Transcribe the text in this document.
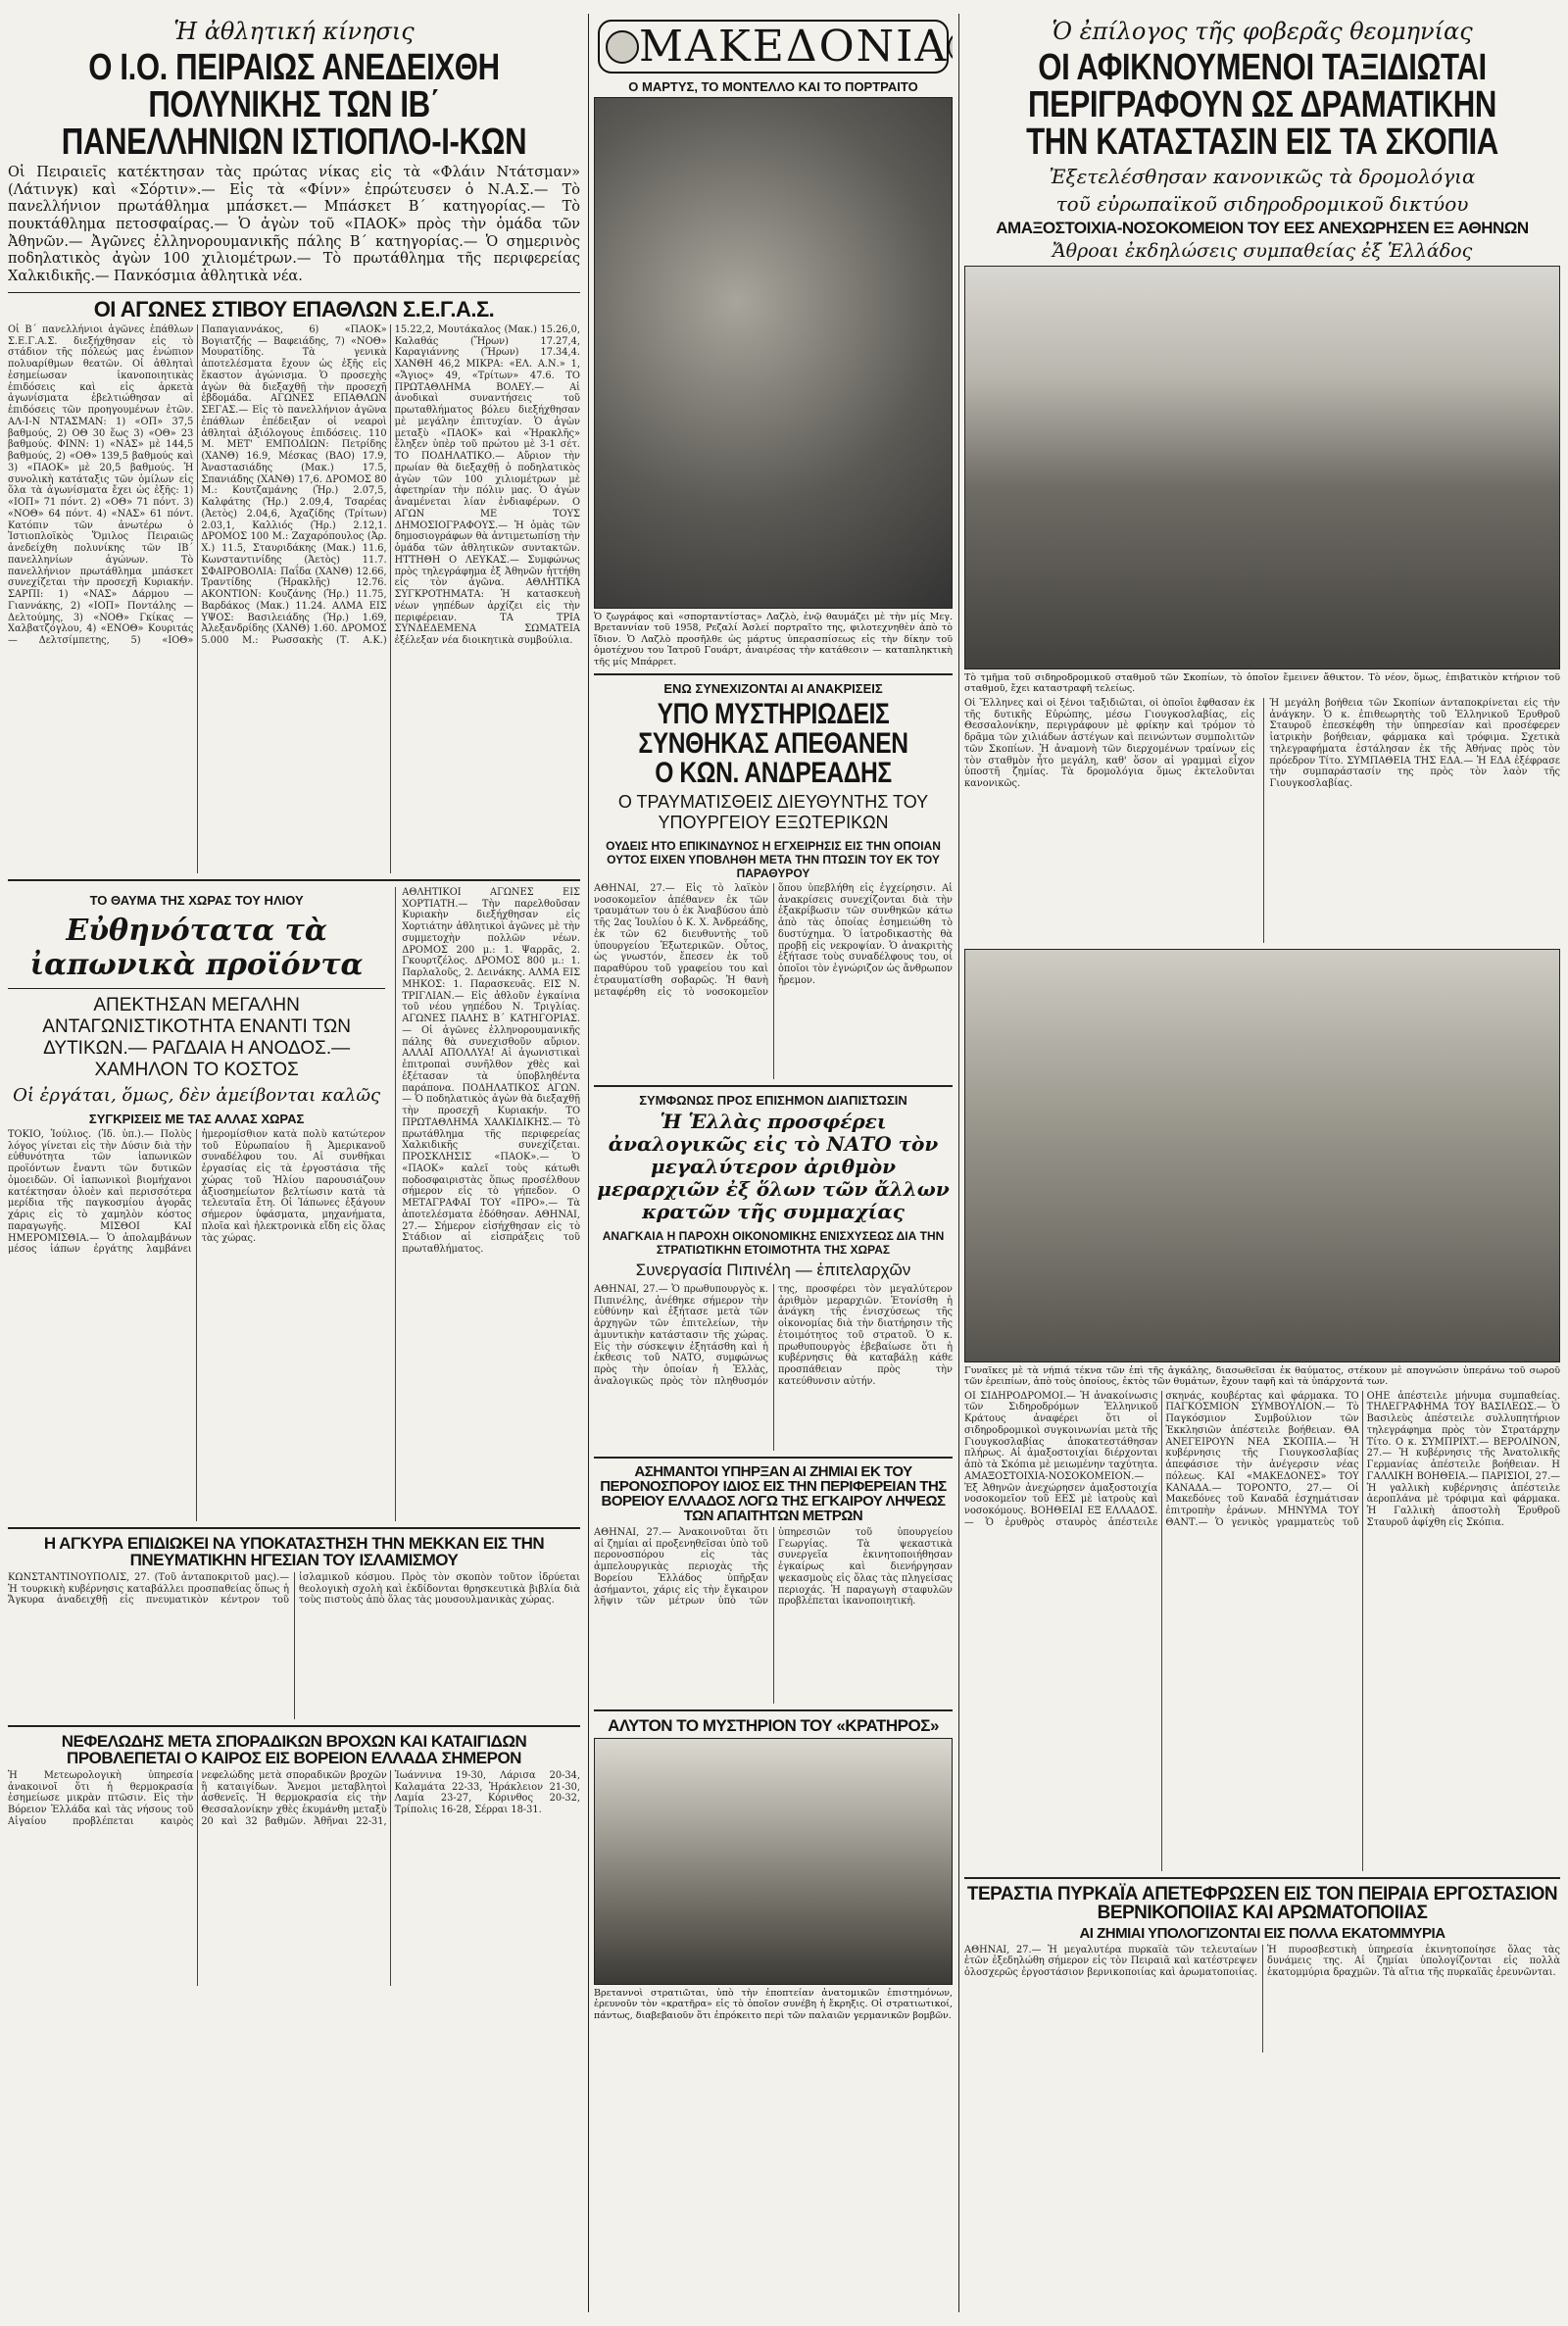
Ἡ ἀθλητική κίνησις
Ο Ι.Ο. ΠΕΙΡΑΙΩΣ ΑΝΕΔΕΙΧΘΗ ΠΟΛΥΝΙΚΗΣ ΤΩΝ ΙΒ΄ ΠΑΝΕΛΛΗΝΙΩΝ ΙΣΤΙΟΠΛΟ-Ι-ΚΩΝ
Οἱ Πειραιεῖς κατέκτησαν τὰς πρώτας νίκας εἰς τὰ «Φλάιν Ντάτσμαν» (Λάτινγκ) καὶ «Σόρτιν».— Εἰς τὰ «Φίνν» ἐπρώτευσεν ὁ Ν.Α.Σ.— Τὸ πανελλήνιον πρωτάθλημα μπάσκετ.— Μπάσκετ Β΄ κατηγορίας.— Τὸ πουκτάθλημα πετοσφαίρας.— Ὁ ἀγὼν τοῦ «ΠΑΟΚ» πρὸς τὴν ὁμάδα τῶν Ἀθηνῶν.— Ἀγῶνες ἐλληνορουμανικῆς πάλης Β΄ κατηγορίας.— Ὁ σημερινὸς ποδηλατικὸς ἀγὼν 100 χιλιομέτρων.— Τὸ πρωτάθλημα τῆς περιφερείας Χαλκιδικῆς.— Πανκόσμια ἀθλητικὰ νέα.
ΟΙ ΑΓΩΝΕΣ ΣΤΙΒΟΥ ΕΠΑΘΛΩΝ Σ.Ε.Γ.Α.Σ.
Οἱ Β΄ πανελλήνιοι ἀγῶνες ἐπάθλων Σ.Ε.Γ.Α.Σ. διεξήχθησαν εἰς τὸ στάδιον τῆς πόλεώς μας ἐνώπιον πολυαρίθμων θεατῶν. Οἱ ἀθληταὶ ἐσημείωσαν ἱκανοποιητικὰς ἐπιδόσεις καὶ εἰς ἀρκετὰ ἀγωνίσματα ἐβελτιώθησαν αἱ ἐπιδόσεις τῶν προηγουμένων ἐτῶν. ΑΛ-Ι-Ν ΝΤΑΣΜΑΝ: 1) «ΟΠ» 37,5 βαθμούς, 2) ΟΘ 30 ἕως 3) «ΟΘ» 23 βαθμούς. ΦΙΝΝ: 1) «ΝΑΣ» μὲ 144,5 βαθμούς, 2) «ΟΘ» 139,5 βαθμούς καὶ 3) «ΠΑΟΚ» μὲ 20,5 βαθμούς. Ἡ συνολικὴ κατάταξις τῶν ὁμίλων εἰς ὅλα τὰ ἀγωνίσματα ἔχει ὡς ἑξῆς: 1) «ΙΟΠ» 71 πόντ. 2) «ΟΘ» 71 πόντ. 3) «ΝΟΘ» 64 πόντ. 4) «ΝΑΣ» 61 πόντ. Κατόπιν τῶν ἀνωτέρω ὁ Ἰστιοπλοϊκὸς Ὅμιλος Πειραιῶς ἀνεδείχθη πολυνίκης τῶν ΙΒ΄ πανελληνίων ἀγώνων. Τὸ πανελλήνιον πρωτάθλημα μπάσκετ συνεχίζεται τὴν προσεχῆ Κυριακήν. ΣΑΡΠΙ: 1) «ΝΑΣ» Δάρμου — Γιαννάκης, 2) «ΙΟΠ» Ποντάλης — Δελτούμης, 3) «ΝΟΘ» Γκίκας — Χαλβατζόγλου, 4) «ΕΝΟΘ» Κουριτάς — Δελτσίμπετης, 5) «ΙΟΘ» Παπαγιαννάκος, 6) «ΠΑΟΚ» Βογιατζής — Βαφειάδης, 7) «ΝΟΘ» Μουρατίδης. Τὰ γενικὰ ἀποτελέσματα ἔχουν ὡς ἑξῆς εἰς ἕκαστον ἀγώνισμα. Ὁ προσεχὴς ἀγὼν θὰ διεξαχθῇ τὴν προσεχῆ ἑβδομάδα. ΑΓΩΝΕΣ ΕΠΑΘΛΩΝ ΣΕΓΑΣ.— Εἰς τὸ πανελλήνιον ἀγῶνα ἐπάθλων ἐπέδειξαν οἱ νεαροὶ ἀθληταὶ ἀξιόλογους ἐπιδόσεις. 110 Μ. ΜΕΤ' ΕΜΠΟΔΙΩΝ: Πετρίδης (ΧΑΝΘ) 16.9, Μέσκας (ΒΑΟ) 17.9, Ἀναστασιάδης (Μακ.) 17.5, Σπανιάδης (ΧΑΝΘ) 17,6. ΔΡΟΜΟΣ 80 Μ.: Κουτζαμάνης (Ἡρ.) 2.07,5, Καλφάτης (Ἡρ.) 2.09,4, Τσαρέας (Ἀετὸς) 2.04,6, Ἀχαζίδης (Τρίτων) 2.03,1, Καλλιός (Ἡρ.) 2.12,1. ΔΡΟΜΟΣ 100 Μ.: Ζαχαρόπουλος (Ἀρ. Χ.) 11.5, Σταυριδάκης (Μακ.) 11.6, Κωνσταντινίδης (Ἀετὸς) 11.7. ΣΦΑΙΡΟΒΟΛΙΑ: Παΐδα (ΧΑΝΘ) 12.66, Τραντίδης (Ἡρακλῆς) 12.76. ΑΚΟΝΤΙΟΝ: Κουζάνης (Ἡρ.) 11.75, Βαρδάκος (Μακ.) 11.24. ΑΛΜΑ ΕΙΣ ΥΨΟΣ: Βασιλειάδης (Ἡρ.) 1.69, Ἀλεξανδρίδης (ΧΑΝΘ) 1.60. ΔΡΟΜΟΣ 5.000 Μ.: Ρωσσακὴς (Τ. Α.Κ.) 15.22,2, Μουτάκαλος (Μακ.) 15.26,0, Καλαθάς (Ἥρων) 17.27,4, Καραγιάννης (Ἥρων) 17.34,4. ΧΑΝΘΗ 46,2 ΜΙΚΡΑ: «ΕΛ. Α.Ν.» 1, «Ἄγιος» 49, «Τρίτων» 47.6. ΤΟ ΠΡΩΤΑΘΛΗΜΑ ΒΟΛΕΥ.— Αἱ ἀνοδικαὶ συναντήσεις τοῦ πρωταθλήματος βόλευ διεξήχθησαν μὲ μεγάλην ἐπιτυχίαν. Ὁ ἀγὼν μεταξὺ «ΠΑΟΚ» καὶ «Ἠρακλῆς» ἔληξεν ὑπὲρ τοῦ πρώτου μὲ 3-1 σέτ. ΤΟ ΠΟΔΗΛΑΤΙΚΟ.— Αὔριον τὴν πρωίαν θὰ διεξαχθῇ ὁ ποδηλατικὸς ἀγὼν τῶν 100 χιλιομέτρων μὲ ἀφετηρίαν τὴν πόλιν μας. Ὁ ἀγὼν ἀναμένεται λίαν ἐνδιαφέρων. Ο ΑΓΩΝ ΜΕ ΤΟΥΣ ΔΗΜΟΣΙΟΓΡΑΦΟΥΣ.— Ἡ ὁμὰς τῶν δημοσιογράφων θὰ ἀντιμετωπίσῃ τὴν ὁμάδα τῶν ἀθλητικῶν συντακτῶν. ΗΤΤΗΘΗ Ο ΛΕΥΚΑΣ.— Συμφώνως πρὸς τηλεγράφημα ἐξ Ἀθηνῶν ἡττήθη εἰς τὸν ἀγῶνα. ΑΘΛΗΤΙΚΑ ΣΥΓΚΡΟΤΗΜΑΤΑ: Ἡ κατασκευὴ νέων γηπέδων ἀρχίζει εἰς τὴν περιφέρειαν. ΤΑ ΤΡΙΑ ΣΥΝΔΕΔΕΜΕΝΑ ΣΩΜΑΤΕΙΑ ἐξέλεξαν νέα διοικητικὰ συμβούλια.
ΤΟ ΘΑΥΜΑ ΤΗΣ ΧΩΡΑΣ ΤΟΥ ΗΛΙΟΥ
Εὐθηνότατα τὰ ἰαπωνικὰ προϊόντα
ΑΠΕΚΤΗΣΑΝ ΜΕΓΑΛΗΝ ΑΝΤΑΓΩΝΙΣΤΙΚΟΤΗΤΑ ΕΝΑΝΤΙ ΤΩΝ ΔΥΤΙΚΩΝ.— ΡΑΓΔΑΙΑ Η ΑΝΟΔΟΣ.— ΧΑΜΗΛΟΝ ΤΟ ΚΟΣΤΟΣ
Οἱ ἐργάται, ὅμως, δὲν ἀμείβονται καλῶς
ΣΥΓΚΡΙΣΕΙΣ ΜΕ ΤΑΣ ΑΛΛΑΣ ΧΩΡΑΣ
ΤΟΚΙΟ, Ἰούλιος. (Ἰδ. ὑπ.).— Πολὺς λόγος γίνεται εἰς τὴν Δύσιν διὰ τὴν εὐθυνότητα τῶν ἰαπωνικῶν προϊόντων ἔναντι τῶν δυτικῶν ὁμοειδῶν. Οἱ ἰαπωνικοὶ βιομήχανοι κατέκτησαν ὁλοὲν καὶ περισσότερα μερίδια τῆς παγκοσμίου ἀγορᾶς χάρις εἰς τὸ χαμηλὸν κόστος παραγωγῆς. ΜΙΣΘΟΙ ΚΑΙ ΗΜΕΡΟΜΙΣΘΙΑ.— Ὁ ἀπολαμβάνων μέσος ἰάπων ἐργάτης λαμβάνει ἡμερομίσθιον κατὰ πολὺ κατώτερον τοῦ Εὐρωπαίου ἢ Ἀμερικανοῦ συναδέλφου του. Αἱ συνθῆκαι ἐργασίας εἰς τὰ ἐργοστάσια τῆς χώρας τοῦ Ἡλίου παρουσιάζουν ἀξιοσημείωτον βελτίωσιν κατὰ τὰ τελευταῖα ἔτη. Οἱ Ἰάπωνες ἐξάγουν σήμερον ὑφάσματα, μηχανήματα, πλοῖα καὶ ἠλεκτρονικὰ εἴδη εἰς ὅλας τὰς χώρας.
ΑΘΛΗΤΙΚΟΙ ΑΓΩΝΕΣ ΕΙΣ ΧΟΡΤΙΑΤΗ.— Τὴν παρελθοῦσαν Κυριακὴν διεξήχθησαν εἰς Χορτιάτην ἀθλητικοὶ ἀγῶνες μὲ τὴν συμμετοχὴν πολλῶν νέων. ΔΡΟΜΟΣ 200 μ.: 1. Ψαρρᾶς, 2. Γκουρτζέλος. ΔΡΟΜΟΣ 800 μ.: 1. Παρλαλοῦς, 2. Δεινάκης. ΑΛΜΑ ΕΙΣ ΜΗΚΟΣ: 1. Παρασκευᾶς. ΕΙΣ Ν. ΤΡΙΓΛΙΑΝ.— Εἰς ἀθλοῦν ἐγκαίνια τοῦ νέου γηπέδου Ν. Τριγλίας. ΑΓΩΝΕΣ ΠΑΛΗΣ Β΄ ΚΑΤΗΓΟΡΙΑΣ.— Οἱ ἀγῶνες ἐλληνορουμανικῆς πάλης θὰ συνεχισθοῦν αὔριον. ΑΛΛΑΙ ΑΠΟΛΛΥΑ! Αἱ ἀγωνιστικαὶ ἐπιτροπαὶ συνῆλθον χθὲς καὶ ἐξέτασαν τὰ ὑποβληθέντα παράπονα. ΠΟΔΗΛΑΤΙΚΟΣ ΑΓΩΝ.— Ὁ ποδηλατικὸς ἀγὼν θὰ διεξαχθῇ τὴν προσεχῆ Κυριακήν. ΤΟ ΠΡΩΤΑΘΛΗΜΑ ΧΑΛΚΙΔΙΚΗΣ.— Τὸ πρωτάθλημα τῆς περιφερείας Χαλκιδικῆς συνεχίζεται. ΠΡΟΣΚΛΗΣΙΣ «ΠΑΟΚ».— Ὁ «ΠΑΟΚ» καλεῖ τοὺς κάτωθι ποδοσφαιριστὰς ὅπως προσέλθουν σήμερον εἰς τὸ γήπεδον. Ο ΜΕΤΑΓΡΑΦΑΙ ΤΟΥ «ΠΡΟ».— Τὰ ἀποτελέσματα ἐδόθησαν. ΑΘΗΝΑΙ, 27.— Σήμερον εἰσήχθησαν εἰς τὸ Στάδιον αἱ εἰσπράξεις τοῦ πρωταθλήματος.
Η ΑΓΚΥΡΑ ΕΠΙΔΙΩΚΕΙ ΝΑ ΥΠΟΚΑΤΑΣΤΗΣΗ ΤΗΝ ΜΕΚΚΑΝ ΕΙΣ ΤΗΝ ΠΝΕΥΜΑΤΙΚΗΝ ΗΓΕΣΙΑΝ ΤΟΥ ΙΣΛΑΜΙΣΜΟΥ
ΚΩΝΣΤΑΝΤΙΝΟΥΠΟΛΙΣ, 27. (Τοῦ ἀνταποκριτοῦ μας).— Ἡ τουρκικὴ κυβέρνησις καταβάλλει προσπαθείας ὅπως ἡ Ἄγκυρα ἀναδειχθῇ εἰς πνευματικὸν κέντρον τοῦ ἰσλαμικοῦ κόσμου. Πρὸς τὸν σκοπὸν τοῦτον ἱδρύεται θεολογικὴ σχολὴ καὶ ἐκδίδονται θρησκευτικὰ βιβλία διὰ τοὺς πιστοὺς ἀπὸ ὅλας τὰς μουσουλμανικὰς χώρας.
ΝΕΦΕΛΩΔΗΣ ΜΕΤΑ ΣΠΟΡΑΔΙΚΩΝ ΒΡΟΧΩΝ ΚΑΙ ΚΑΤΑΙΓΙΔΩΝ ΠΡΟΒΛΕΠΕΤΑΙ Ο ΚΑΙΡΟΣ ΕΙΣ ΒΟΡΕΙΟΝ ΕΛΛΑΔΑ ΣΗΜΕΡΟΝ
Ἡ Μετεωρολογικὴ ὑπηρεσία ἀνακοινοῖ ὅτι ἡ θερμοκρασία ἐσημείωσε μικρὰν πτῶσιν. Εἰς τὴν Βόρειον Ἑλλάδα καὶ τὰς νήσους τοῦ Αἰγαίου προβλέπεται καιρὸς νεφελώδης μετὰ σποραδικῶν βροχῶν ἢ καταιγίδων. Ἄνεμοι μεταβλητοὶ ἀσθενεῖς. Ἡ θερμοκρασία εἰς τὴν Θεσσαλονίκην χθὲς ἐκυμάνθη μεταξὺ 20 καὶ 32 βαθμῶν. Ἀθῆναι 22-31, Ἰωάννινα 19-30, Λάρισα 20-34, Καλαμάτα 22-33, Ἡράκλειον 21-30, Λαμία 23-27, Κόρινθος 20-32, Τρίπολις 16-28, Σέρραι 18-31.
ΜΑΚΕΔΟΝΙΑ
Ο ΜΑΡΤΥΣ, ΤΟ ΜΟΝΤΕΛΛΟ ΚΑΙ ΤΟ ΠΟΡΤΡΑΙΤΟ
Ὁ ζωγράφος καὶ «σπορταντίστας» Λαζλὸ, ἐνῷ θαυμάζει μὲ τὴν μίς Μεγ. Βρεταννίαν τοῦ 1958, Ρεζαλί Ἀσλεί πορτραῖτο της, φιλοτεχνηθὲν ἀπὸ τὸ ἴδιον. Ὁ Λαζλὸ προσῆλθε ὡς μάρτυς ὑπερασπίσεως εἰς τὴν δίκην τοῦ ὁμοτέχνου του Ἰατροῦ Γουάρτ, ἀναιρέσας τὴν κατάθεσιν — καταπληκτικὴ τῆς μίς Μπάρρετ.
ΕΝΩ ΣΥΝΕΧΙΖΟΝΤΑΙ ΑΙ ΑΝΑΚΡΙΣΕΙΣ
ΥΠΟ ΜΥΣΤΗΡΙΩΔΕΙΣ ΣΥΝΘΗΚΑΣ ΑΠΕΘΑΝΕΝ Ο ΚΩΝ. ΑΝΔΡΕΑΔΗΣ
Ο ΤΡΑΥΜΑΤΙΣΘΕΙΣ ΔΙΕΥΘΥΝΤΗΣ ΤΟΥ ΥΠΟΥΡΓΕΙΟΥ ΕΞΩΤΕΡΙΚΩΝ
ΟΥΔΕΙΣ ΗΤΟ ΕΠΙΚΙΝΔΥΝΟΣ Η ΕΓΧΕΙΡΗΣΙΣ ΕΙΣ ΤΗΝ ΟΠΟΙΑΝ ΟΥΤΟΣ ΕΙΧΕΝ ΥΠΟΒΛΗΘΗ ΜΕΤΑ ΤΗΝ ΠΤΩΣΙΝ ΤΟΥ ΕΚ ΤΟΥ ΠΑΡΑΘΥΡΟΥ
ΑΘΗΝΑΙ, 27.— Εἰς τὸ λαϊκὸν νοσοκομεῖον ἀπέθανεν ἐκ τῶν τραυμάτων του ὁ ἐκ Ἀναβύσου ἀπὸ τῆς 2ας Ἰουλίου ὁ Κ. Χ. Ἀνδρεάδης, ἐκ τῶν 62 διευθυντὴς τοῦ ὑπουργείου Ἐξωτερικῶν. Οὗτος, ὡς γνωστόν, ἔπεσεν ἐκ τοῦ παραθύρου τοῦ γραφείου του καὶ ἐτραυματίσθη σοβαρῶς. Ἡ θανὴ μεταφέρθη εἰς τὸ νοσοκομεῖον ὅπου ὑπεβλήθη εἰς ἐγχείρησιν. Αἱ ἀνακρίσεις συνεχίζονται διὰ τὴν ἐξακρίβωσιν τῶν συνθηκῶν κάτω ἀπὸ τὰς ὁποίας ἐσημειώθη τὸ δυστύχημα. Ὁ ἰατροδικαστὴς θὰ προβῇ εἰς νεκροψίαν. Ὁ ἀνακριτὴς ἐξήτασε τοὺς συναδέλφους του, οἱ ὁποῖοι τὸν ἐγνώριζον ὡς ἄνθρωπον ἤρεμον.
ΣΥΜΦΩΝΩΣ ΠΡΟΣ ΕΠΙΣΗΜΟΝ ΔΙΑΠΙΣΤΩΣΙΝ
Ἡ Ἑλλὰς προσφέρει ἀναλογικῶς εἰς τὸ ΝΑΤΟ τὸν μεγαλύτερον ἀριθμὸν μεραρχιῶν ἐξ ὅλων τῶν ἄλλων κρατῶν τῆς συμμαχίας
ΑΝΑΓΚΑΙΑ Η ΠΑΡΟΧΗ ΟΙΚΟΝΟΜΙΚΗΣ ΕΝΙΣΧΥΣΕΩΣ ΔΙΑ ΤΗΝ ΣΤΡΑΤΙΩΤΙΚΗΝ ΕΤΟΙΜΟΤΗΤΑ ΤΗΣ ΧΩΡΑΣ
Συνεργασία Πιπινέλη — ἐπιτελαρχῶν
ΑΘΗΝΑΙ, 27.— Ὁ πρωθυπουργὸς κ. Πιπινέλης, ἀνέθηκε σήμερον τὴν εὐθύνην καὶ ἐξήτασε μετὰ τῶν ἀρχηγῶν τῶν ἐπιτελείων, τὴν ἀμυντικὴν κατάστασιν τῆς χώρας. Εἰς τὴν σύσκεψιν ἐξητάσθη καὶ ἡ ἐκθεσις τοῦ ΝΑΤΟ, συμφώνως πρὸς τὴν ὁποίαν ἡ Ἑλλὰς, ἀναλογικῶς πρὸς τὸν πληθυσμόν της, προσφέρει τὸν μεγαλύτερον ἀριθμὸν μεραρχιῶν. Ἐτονίσθη ἡ ἀνάγκη τῆς ἐνισχύσεως τῆς οἰκονομίας διὰ τὴν διατήρησιν τῆς ἑτοιμότητος τοῦ στρατοῦ. Ὁ κ. πρωθυπουργὸς ἐβεβαίωσε ὅτι ἡ κυβέρνησις θὰ καταβάλῃ κάθε προσπάθειαν πρὸς τὴν κατεύθυνσιν αὐτήν.
ΑΣΗΜΑΝΤΟΙ ΥΠΗΡΞΑΝ ΑΙ ΖΗΜΙΑΙ ΕΚ ΤΟΥ ΠΕΡΟΝΟΣΠΟΡΟΥ ΙΔΙΟΣ ΕΙΣ ΤΗΝ ΠΕΡΙΦΕΡΕΙΑΝ ΤΗΣ ΒΟΡΕΙΟΥ ΕΛΛΑΔΟΣ ΛΟΓΩ ΤΗΣ ΕΓΚΑΙΡΟΥ ΛΗΨΕΩΣ ΤΩΝ ΑΠΑΙΤΗΤΩΝ ΜΕΤΡΩΝ
ΑΘΗΝΑΙ, 27.— Ἀνακοινοῦται ὅτι αἱ ζημίαι αἱ προξενηθεῖσαι ὑπὸ τοῦ περονοσπόρου εἰς τὰς ἀμπελουργικὰς περιοχὰς τῆς Βορείου Ἑλλάδος ὑπῆρξαν ἀσήμαντοι, χάρις εἰς τὴν ἔγκαιρον λῆψιν τῶν μέτρων ὑπὸ τῶν ὑπηρεσιῶν τοῦ ὑπουργείου Γεωργίας. Τὰ ψεκαστικὰ συνεργεῖα ἐκινητοποιήθησαν ἐγκαίρως καὶ διενήργησαν ψεκασμοὺς εἰς ὅλας τὰς πληγείσας περιοχάς. Ἡ παραγωγὴ σταφυλῶν προβλέπεται ἱκανοποιητική.
ΑΛΥΤΟΝ ΤΟ ΜΥΣΤΗΡΙΟΝ ΤΟΥ «ΚΡΑΤΗΡΟΣ»
Βρεταννοὶ στρατιῶται, ὑπὸ τὴν ἐποπτείαν ἀνατομικῶν ἐπιστημόνων, ἐρευνοῦν τὸν «κρατῆρα» εἰς τὸ ὁποῖον συνέβη ἡ ἔκρηξις. Οἱ στρατιωτικοί, πάντως, διαβεβαιοῦν ὅτι ἐπρόκειτο περὶ τῶν παλαιῶν γερμανικῶν βομβῶν.
Ὁ ἐπίλογος τῆς φοβερᾶς θεομηνίας
ΟΙ ΑΦΙΚΝΟΥΜΕΝΟΙ ΤΑΞΙΔΙΩΤΑΙ ΠΕΡΙΓΡΑΦΟΥΝ ΩΣ ΔΡΑΜΑΤΙΚΗΝ ΤΗΝ ΚΑΤΑΣΤΑΣΙΝ ΕΙΣ ΤΑ ΣΚΟΠΙΑ
Ἐξετελέσθησαν κανονικῶς τὰ δρομολόγια
τοῦ εὐρωπαϊκοῦ σιδηροδρομικοῦ δικτύου
ΑΜΑΞΟΣΤΟΙΧΙΑ-ΝΟΣΟΚΟΜΕΙΟΝ ΤΟΥ ΕΕΣ ΑΝΕΧΩΡΗΣΕΝ ΕΞ ΑΘΗΝΩΝ
Ἄθροαι ἐκδηλώσεις συμπαθείας ἐξ Ἑλλάδος
Τὸ τμῆμα τοῦ σιδηροδρομικοῦ σταθμοῦ τῶν Σκοπίων, τὸ ὁποῖον ἔμεινεν ἄθικτον. Τὸ νέον, ὅμως, ἐπιβατικὸν κτήριον τοῦ σταθμοῦ, ἔχει καταστραφῆ τελείως.
Οἱ Ἕλληνες καὶ οἱ ξένοι ταξιδιῶται, οἱ ὁποῖοι ἔφθασαν ἐκ τῆς δυτικῆς Εὐρώπης, μέσω Γιουγκοσλαβίας, εἰς Θεσσαλονίκην, περιγράφουν μὲ φρίκην καὶ τρόμον τὸ δρᾶμα τῶν χιλιάδων ἀστέγων καὶ πεινώντων συμπολιτῶν τῶν Σκοπίων. Ἡ ἀναμονὴ τῶν διερχομένων τραίνων εἰς τὸν σταθμὸν ἦτο μεγάλη, καθ' ὅσον αἱ γραμμαὶ εἶχον ὑποστῆ ζημίας. Τὰ δρομολόγια ὅμως ἐκτελοῦνται κανονικῶς.
Ἡ μεγάλη βοήθεια τῶν Σκοπίων ἀνταποκρίνεται εἰς τὴν ἀνάγκην. Ὁ κ. ἐπιθεωρητὴς τοῦ Ἐλληνικοῦ Ἐρυθροῦ Σταυροῦ ἐπεσκέφθη τὴν ὑπηρεσίαν καὶ προσέφερεν ἰατρικὴν βοήθειαν, φάρμακα καὶ τρόφιμα. Σχετικὰ τηλεγραφήματα ἐστάλησαν ἐκ τῆς Ἀθήνας πρὸς τὸν πρόεδρον Τίτο. ΣΥΜΠΑΘΕΙΑ ΤΗΣ ΕΔΑ.— Ἡ ΕΔΑ ἐξέφρασε τὴν συμπαράστασίν της πρὸς τὸν λαὸν τῆς Γιουγκοσλαβίας.
Γυναῖκες μὲ τὰ νήπιά τέκνα τῶν ἐπὶ τῆς ἀγκάλης, διασωθεῖσαι ἐκ θαύματος, στέκουν μὲ απογνώσιν ὑπεράνω τοῦ σωροῦ τῶν ἐρειπίων, ἀπὸ τοὺς ὁποίους, ἐκτὸς τῶν θυμάτων, ἔχουν ταφῆ καὶ τὰ ὑπάρχοντά των.
ΟΙ ΣΙΔΗΡΟΔΡΟΜΟΙ.— Ἡ ἀνακοίνωσις τῶν Σιδηροδρόμων Ἑλληνικοῦ Κράτους ἀναφέρει ὅτι οἱ σιδηροδρομικοὶ συγκοινωνίαι μετὰ τῆς Γιουγκοσλαβίας ἀποκατεστάθησαν πλήρως. Αἱ ἀμαξοστοιχίαι διέρχονται ἀπὸ τὰ Σκόπια μὲ μειωμένην ταχύτητα. ΑΜΑΞΟΣΤΟΙΧΙΑ-ΝΟΣΟΚΟΜΕΙΟΝ.— Ἐξ Ἀθηνῶν ἀνεχώρησεν ἀμαξοστοιχία νοσοκομεῖον τοῦ ΕΕΣ μὲ ἰατροὺς καὶ νοσοκόμους. ΒΟΗΘΕΙΑΙ ΕΞ ΕΛΛΑΔΟΣ.— Ὁ ἐρυθρὸς σταυρὸς ἀπέστειλε σκηνάς, κουβέρτας καὶ φάρμακα. ΤΟ ΠΑΓΚΟΣΜΙΟΝ ΣΥΜΒΟΥΛΙΟΝ.— Τὸ Παγκόσμιον Συμβούλιον τῶν Ἐκκλησιῶν ἀπέστειλε βοήθειαν. ΘΑ ΑΝΕΓΕΙΡΟΥΝ ΝΕΑ ΣΚΟΠΙΑ.— Ἡ κυβέρνησις τῆς Γιουγκοσλαβίας ἀπεφάσισε τὴν ἀνέγερσιν νέας πόλεως. ΚΑΙ «ΜΑΚΕΔΟΝΕΣ» ΤΟΥ ΚΑΝΑΔΑ.— ΤΟΡΟΝΤΟ, 27.— Οἱ Μακεδόνες τοῦ Καναδᾶ ἐσχημάτισαν ἐπιτροπὴν ἐράνων. ΜΗΝΥΜΑ ΤΟΥ ΘΑΝΤ.— Ὁ γενικὸς γραμματεὺς τοῦ ΟΗΕ ἀπέστειλε μήνυμα συμπαθείας. ΤΗΛΕΓΡΑΦΗΜΑ ΤΟΥ ΒΑΣΙΛΕΩΣ.— Ὁ Βασιλεὺς ἀπέστειλε συλλυπητήριον τηλεγράφημα πρὸς τὸν Στρατάρχην Τίτο. Ο κ. ΣΥΜΠΡΙΧΤ.— ΒΕΡΟΛΙΝΟΝ, 27.— Ἡ κυβέρνησις τῆς Ἀνατολικῆς Γερμανίας ἀπέστειλε βοήθειαν. Η ΓΑΛΛΙΚΗ ΒΟΗΘΕΙΑ.— ΠΑΡΙΣΙΟΙ, 27.— Ἡ γαλλικὴ κυβέρνησις ἀπέστειλε ἀεροπλάνα μὲ τρόφιμα καὶ φάρμακα. Ἡ Γαλλικὴ ἀποστολὴ Ἐρυθροῦ Σταυροῦ ἀφίχθη εἰς Σκόπια.
ΤΕΡΑΣΤΙΑ ΠΥΡΚΑΪΑ ΑΠΕΤΕΦΡΩΣΕΝ ΕΙΣ ΤΟΝ ΠΕΙΡΑΙΑ ΕΡΓΟΣΤΑΣΙΟΝ ΒΕΡΝΙΚΟΠΟΙΙΑΣ ΚΑΙ ΑΡΩΜΑΤΟΠΟΙΙΑΣ
ΑΙ ΖΗΜΙΑΙ ΥΠΟΛΟΓΙΖΟΝΤΑΙ ΕΙΣ ΠΟΛΛΑ ΕΚΑΤΟΜΜΥΡΙΑ
ΑΘΗΝΑΙ, 27.— Ἡ μεγαλυτέρα πυρκαϊὰ τῶν τελευταίων ἐτῶν ἐξεδηλώθη σήμερον εἰς τὸν Πειραιᾶ καὶ κατέστρεψεν ὁλοσχερῶς ἐργοστάσιον βερνικοποιίας καὶ ἀρωματοποιίας. Ἡ πυροσβεστικὴ ὑπηρεσία ἐκινητοποίησε ὅλας τὰς δυνάμεις της. Αἱ ζημίαι ὑπολογίζονται εἰς πολλὰ ἑκατομμύρια δραχμῶν. Τὰ αἴτια τῆς πυρκαϊᾶς ἐρευνῶνται.
